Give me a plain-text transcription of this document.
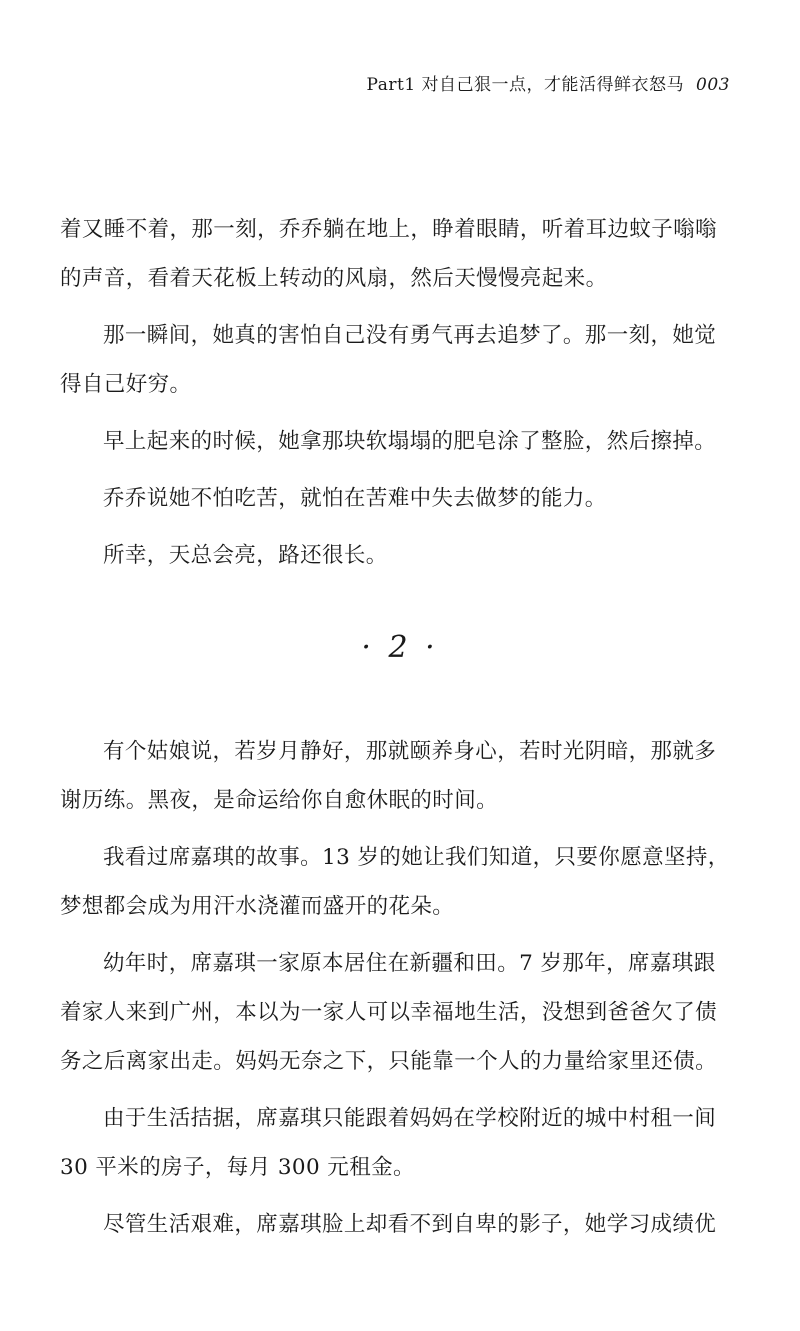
Part1 对自己狠一点，才能活得鲜衣怒马 003
着又睡不着，那一刻，乔乔躺在地上，睁着眼睛，听着耳边蚊子嗡嗡
的声音，看着天花板上转动的风扇，然后天慢慢亮起来。
那一瞬间，她真的害怕自己没有勇气再去追梦了。那一刻，她觉
得自己好穷。
早上起来的时候，她拿那块软塌塌的肥皂涂了整脸，然后擦掉。
乔乔说她不怕吃苦，就怕在苦难中失去做梦的能力。
所幸，天总会亮，路还很长。
· 2 ·
有个姑娘说，若岁月静好，那就颐养身心，若时光阴暗，那就多
谢历练。黑夜，是命运给你自愈休眠的时间。
我看过席嘉琪的故事。13 岁的她让我们知道，只要你愿意坚持，
梦想都会成为用汗水浇灌而盛开的花朵。
幼年时，席嘉琪一家原本居住在新疆和田。7 岁那年，席嘉琪跟
着家人来到广州，本以为一家人可以幸福地生活，没想到爸爸欠了债
务之后离家出走。妈妈无奈之下，只能靠一个人的力量给家里还债。
由于生活拮据，席嘉琪只能跟着妈妈在学校附近的城中村租一间
30 平米的房子，每月 300 元租金。
尽管生活艰难，席嘉琪脸上却看不到自卑的影子，她学习成绩优
